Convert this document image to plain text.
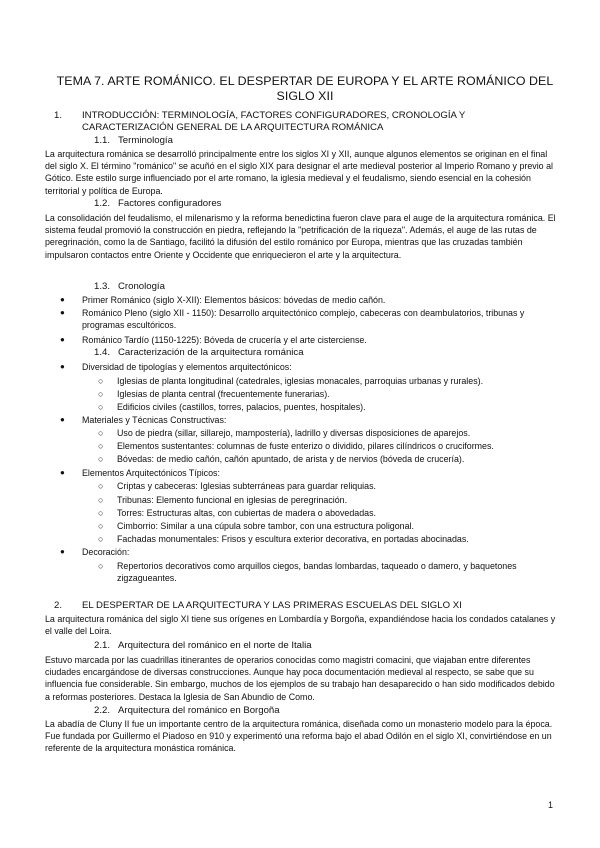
TEMA 7. ARTE ROMÁNICO. EL DESPERTAR DE EUROPA Y EL ARTE ROMÁNICO DEL SIGLO XII
1. INTRODUCCIÓN: TERMINOLOGÍA, FACTORES CONFIGURADORES, CRONOLOGÍA Y CARACTERIZACIÓN GENERAL DE LA ARQUITECTURA ROMÁNICA
1.1. Terminología
La arquitectura románica se desarrolló principalmente entre los siglos XI y XII, aunque algunos elementos se originan en el final del siglo X. El término "románico" se acuñó en el siglo XIX para designar el arte medieval posterior al Imperio Romano y previo al Gótico. Este estilo surge influenciado por el arte romano, la iglesia medieval y el feudalismo, siendo esencial en la cohesión territorial y política de Europa.
1.2. Factores configuradores
La consolidación del feudalismo, el milenarismo y la reforma benedictina fueron clave para el auge de la arquitectura románica. El sistema feudal promovió la construcción en piedra, reflejando la "petrificación de la riqueza". Además, el auge de las rutas de peregrinación, como la de Santiago, facilitó la difusión del estilo románico por Europa, mientras que las cruzadas también impulsaron contactos entre Oriente y Occidente que enriquecieron el arte y la arquitectura.
1.3. Cronología
● Primer Románico (siglo X-XII): Elementos básicos: bóvedas de medio cañón.
● Románico Pleno (siglo XII - 1150): Desarrollo arquitectónico complejo, cabeceras con deambulatorios, tribunas y programas escultóricos.
● Románico Tardío (1150-1225): Bóveda de crucería y el arte cisterciense.
1.4. Caracterización de la arquitectura románica
● Diversidad de tipologías y elementos arquitectónicos:
○ Iglesias de planta longitudinal (catedrales, iglesias monacales, parroquias urbanas y rurales).
○ Iglesias de planta central (frecuentemente funerarias).
○ Edificios civiles (castillos, torres, palacios, puentes, hospitales).
● Materiales y Técnicas Constructivas:
○ Uso de piedra (sillar, sillarejo, mampostería), ladrillo y diversas disposiciones de aparejos.
○ Elementos sustentantes: columnas de fuste enterizo o dividido, pilares cilíndricos o cruciformes.
○ Bóvedas: de medio cañón, cañón apuntado, de arista y de nervios (bóveda de crucería).
● Elementos Arquitectónicos Típicos:
○ Criptas y cabeceras: Iglesias subterráneas para guardar reliquias.
○ Tribunas: Elemento funcional en iglesias de peregrinación.
○ Torres: Estructuras altas, con cubiertas de madera o abovedadas.
○ Cimborrio: Similar a una cúpula sobre tambor, con una estructura poligonal.
○ Fachadas monumentales: Frisos y escultura exterior decorativa, en portadas abocinadas.
● Decoración:
○ Repertorios decorativos como arquillos ciegos, bandas lombardas, taqueado o damero, y baquetones zigzagueantes.
2. EL DESPERTAR DE LA ARQUITECTURA Y LAS PRIMERAS ESCUELAS DEL SIGLO XI
La arquitectura románica del siglo XI tiene sus orígenes en Lombardía y Borgoña, expandiéndose hacia los condados catalanes y el valle del Loira.
2.1. Arquitectura del románico en el norte de Italia
Estuvo marcada por las cuadrillas itinerantes de operarios conocidas como magistri comacini, que viajaban entre diferentes ciudades encargándose de diversas construcciones. Aunque hay poca documentación medieval al respecto, se sabe que su influencia fue considerable. Sin embargo, muchos de los ejemplos de su trabajo han desaparecido o han sido modificados debido a reformas posteriores. Destaca la Iglesia de San Abundio de Como.
2.2. Arquitectura del románico en Borgoña
La abadía de Cluny II fue un importante centro de la arquitectura románica, diseñada como un monasterio modelo para la época. Fue fundada por Guillermo el Piadoso en 910 y experimentó una reforma bajo el abad Odilón en el siglo XI, convirtiéndose en un referente de la arquitectura monástica románica.
1
